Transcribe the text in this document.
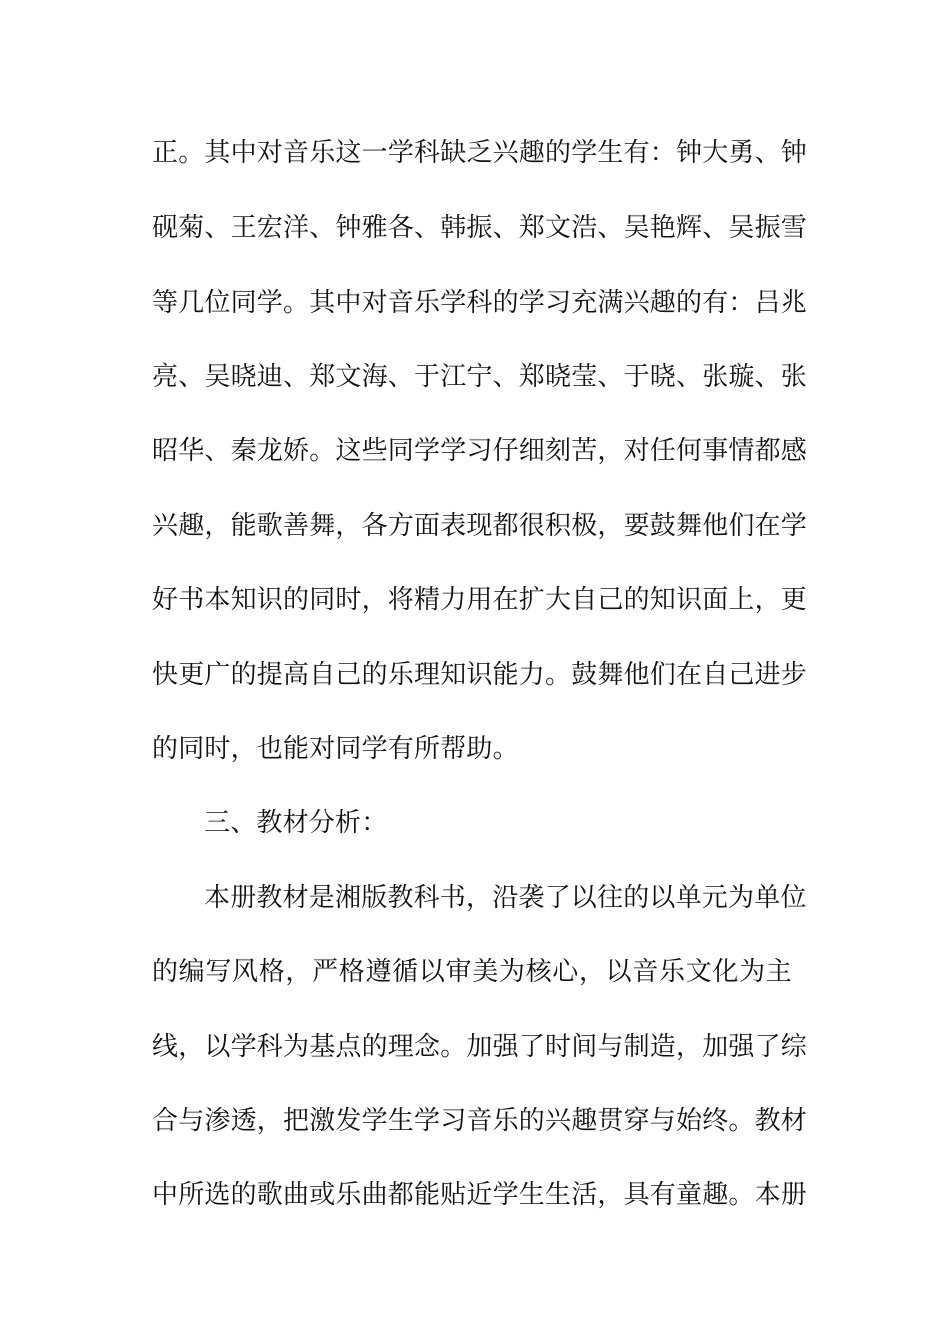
正。其中对音乐这一学科缺乏兴趣的学生有：钟大勇、钟
砚菊、王宏洋、钟雅各、韩振、郑文浩、吴艳辉、吴振雪
等几位同学。其中对音乐学科的学习充满兴趣的有：吕兆
亮、吴晓迪、郑文海、于江宁、郑晓莹、于晓、张璇、张
昭华、秦龙娇。这些同学学习仔细刻苦，对任何事情都感
兴趣，能歌善舞，各方面表现都很积极，要鼓舞他们在学
好书本知识的同时，将精力用在扩大自己的知识面上，更
快更广的提高自己的乐理知识能力。鼓舞他们在自己进步
的同时，也能对同学有所帮助。
三、教材分析：
本册教材是湘版教科书，沿袭了以往的以单元为单位
的编写风格，严格遵循以审美为核心，以音乐文化为主
线，以学科为基点的理念。加强了时间与制造，加强了综
合与渗透，把激发学生学习音乐的兴趣贯穿与始终。教材
中所选的歌曲或乐曲都能贴近学生生活，具有童趣。本册
